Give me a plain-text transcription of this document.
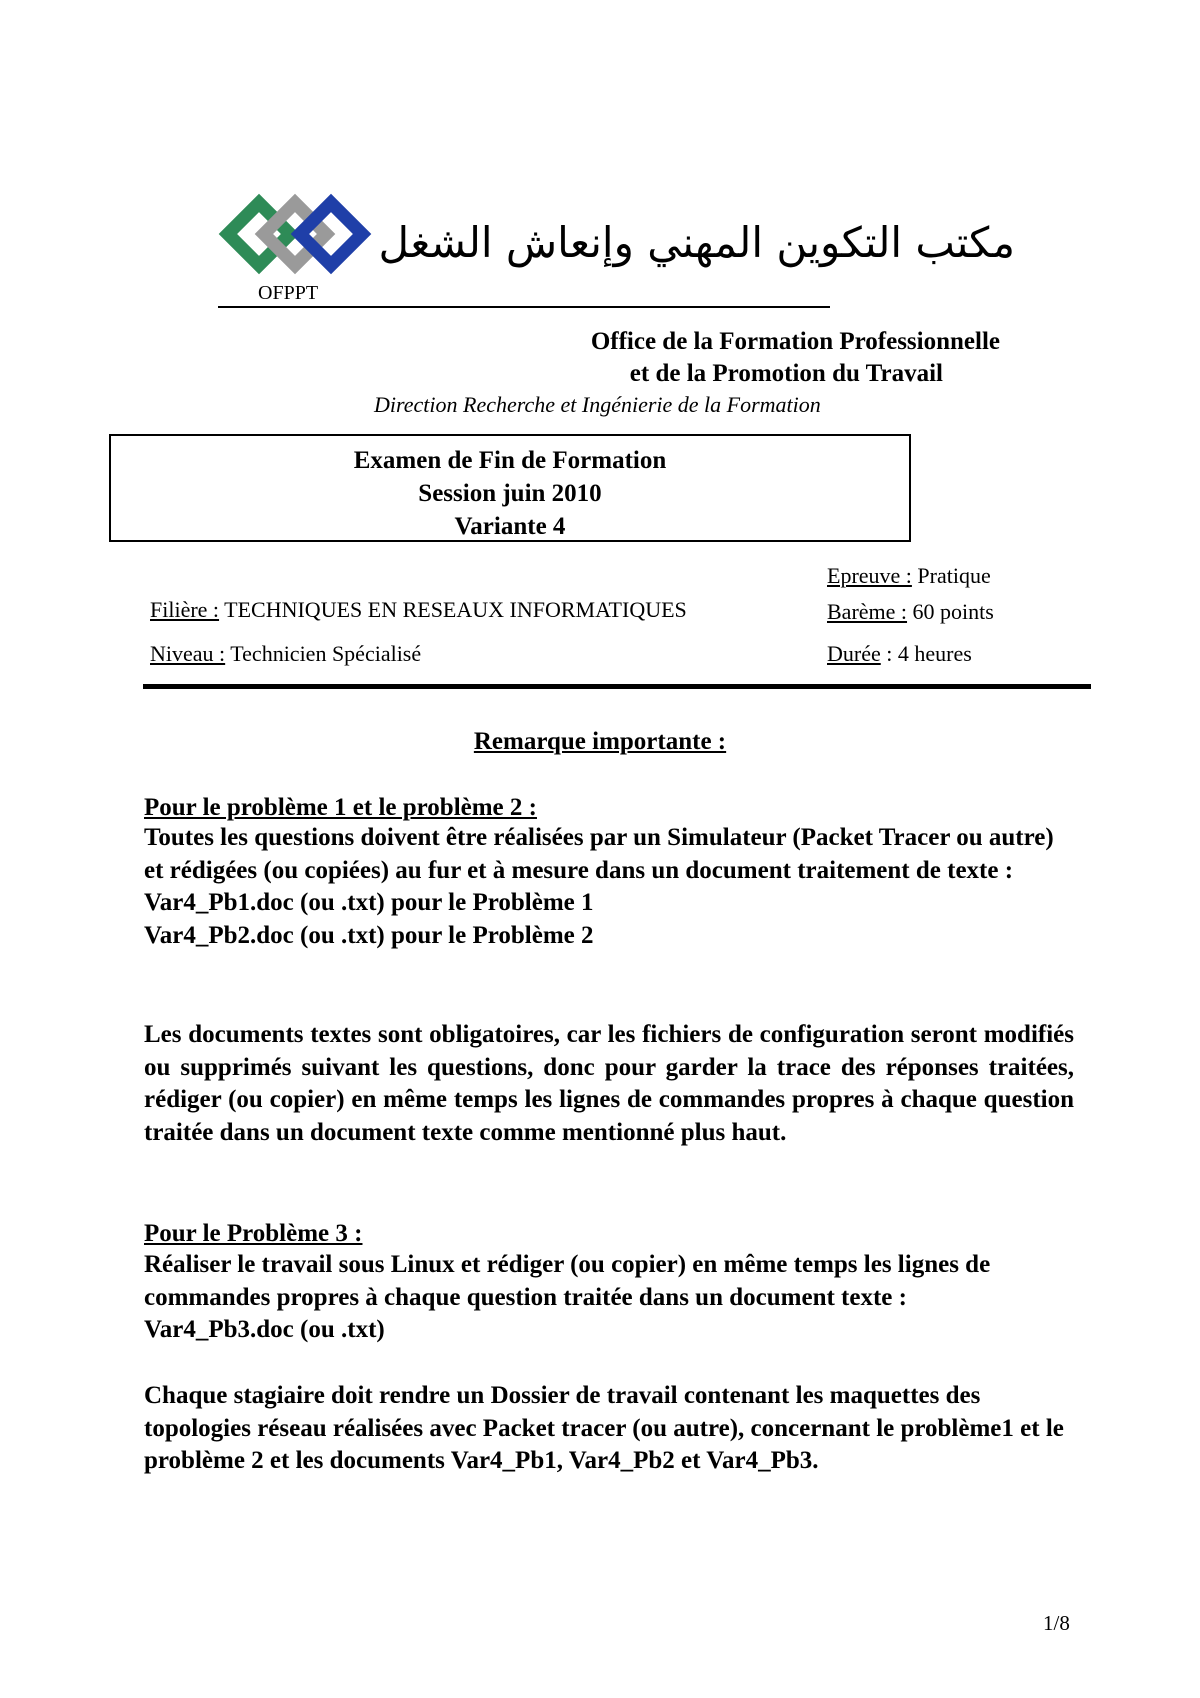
OFPPT
مكتب التكوين المهني وإنعاش الشغل
Office de la Formation Professionnelle
et de la Promotion du Travail
Direction Recherche et Ingénierie de la Formation
Examen de Fin de Formation
Session juin 2010
Variante 4
Filière : TECHNIQUES EN RESEAUX INFORMATIQUES
Niveau : Technicien Spécialisé
Epreuve : Pratique
Barème : 60 points
Durée : 4 heures
Remarque importante :
Pour le problème 1 et le problème 2 :
Toutes les questions doivent être réalisées par un Simulateur (Packet Tracer ou autre) et rédigées (ou copiées) au fur et à mesure dans un document traitement de texte :
Var4_Pb1.doc (ou .txt) pour le Problème 1
Var4_Pb2.doc (ou .txt) pour le Problème 2
Les documents textes sont obligatoires, car les fichiers de configuration seront modifiés ou supprimés suivant les questions, donc pour garder la trace des réponses traitées, rédiger (ou copier) en même temps les lignes de commandes propres à chaque question traitée dans un document texte comme mentionné plus haut.
Pour le Problème 3 :
Réaliser le travail sous Linux et rédiger (ou copier) en même temps les lignes de commandes propres à chaque question traitée dans un document texte :
Var4_Pb3.doc (ou .txt)
Chaque stagiaire doit rendre un Dossier de travail contenant les maquettes des topologies réseau réalisées avec Packet tracer (ou autre), concernant le problème1 et le problème 2 et les documents Var4_Pb1, Var4_Pb2 et Var4_Pb3.
1/8
